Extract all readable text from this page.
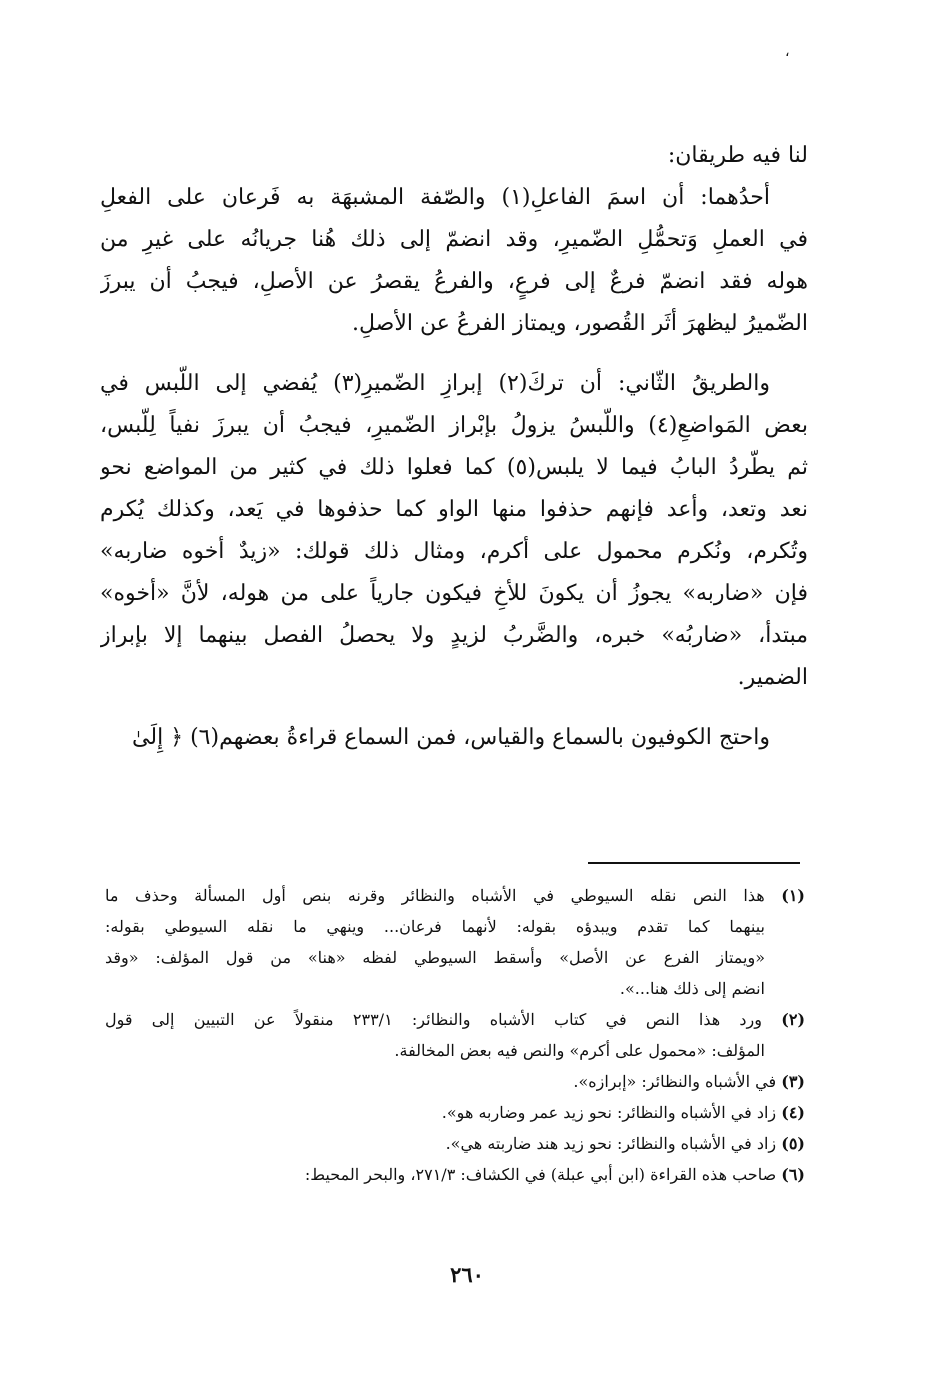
،
لنا فيه طريقان:
أحدُهما: أن اسمَ الفاعلِ(١) والصّفة المشبهَة به فَرعان على الفعلِ
في العملِ وَتحمُّلِ الضّميرِ، وقد انضمّ إلى ذلك هُنا جريانُه على غيرِ من
هوله فقد انضمّ فرعٌ إلى فرعٍ، والفرعُ يقصرُ عن الأصلِ، فيجبُ أن يبرزَ
الضّميرُ ليظهرَ أثَر القُصور، ويمتاز الفرعُ عن الأصلِ.
والطريقُ الثّاني: أن تركَ(٢) إبرازِ الضّميرِ(٣) يُفضي إلى اللّبس في
بعض المَواضعِ(٤) واللّبسُ يزولُ بإبْراز الضّميرِ، فيجبُ أن يبرزَ نفياً لِلّبس،
ثم يطّردُ البابُ فيما لا يلبس(٥) كما فعلوا ذلك في كثير من المواضع نحو
نعد وتعد، وأعد فإنهم حذفوا منها الواو كما حذفوها في يَعد، وكذلك يُكرم
وتُكرم، ونُكرم محمول على أكرم، ومثال ذلك قولك: «زيدٌ أخوه ضاربه»
فإن «ضاربه» يجوزُ أن يكونَ للأخِ فيكون جارياً على من هوله، لأنَّ «أخوه»
مبتدأ، «ضاربُه» خبره، والضَّربُ لزيدٍ ولا يحصلُ الفصل بينهما إلا بإبراز
الضمير.
واحتج الكوفيون بالسماع والقياس، فمن السماع قراءةُ بعضهم(٦) ﴿ إِلَىٰ
(١) هذا النص نقله السيوطي في الأشباه والنظائر وقرنه بنص أول المسألة وحذف ما
بينهما كما تقدم ويبدؤه بقوله: لأنهما فرعان... وينهي ما نقله السيوطي بقوله:
«ويمتاز الفرع عن الأصل» وأسقط السيوطي لفظه «هنا» من قول المؤلف: «وقد
انضم إلى ذلك هنا...».
(٢) ورد هذا النص في كتاب الأشباه والنظائر: ٢٣٣/١ منقولاً عن التبيين إلى قول
المؤلف: «محمول على أكرم» والنص فيه بعض المخالفة.
(٣) في الأشباه والنظائر: «إبرازه».
(٤) زاد في الأشباه والنظائر: نحو زيد عمر وضاربه هو».
(٥) زاد في الأشباه والنظائر: نحو زيد هند ضاربته هي».
(٦) صاحب هذه القراءة (ابن أبي عبلة) في الكشاف: ٢٧١/٣، والبحر المحيط:
٢٦٠
